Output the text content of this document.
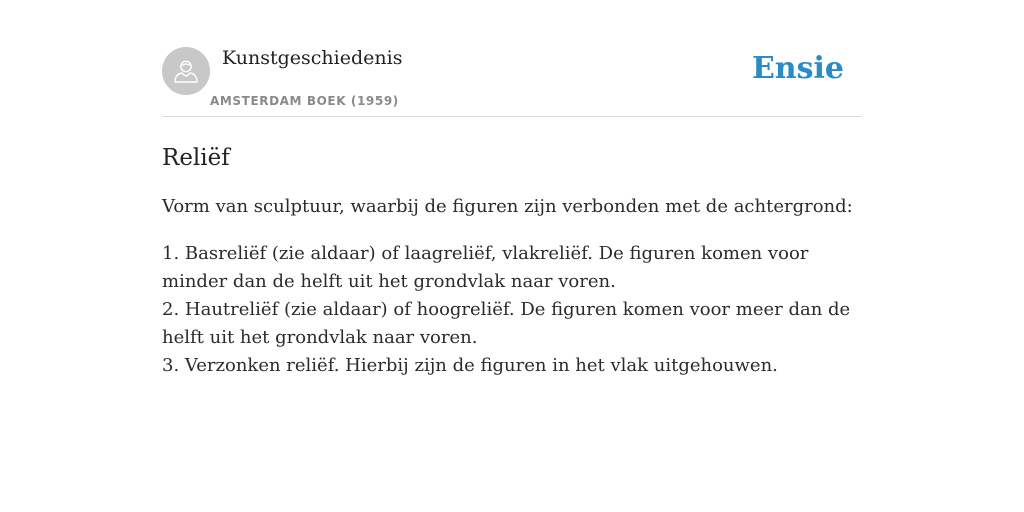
Kunstgeschiedenis
AMSTERDAM BOEK (1959)
Ensie
Reliëf

Vorm van sculptuur, waarbij de figuren zijn verbonden met de achtergrond:

1. Basreliëf (zie aldaar) of laagreliëf, vlakreliëf. De figuren komen voor minder dan de helft uit het grondvlak naar voren.

2. Hautreliëf (zie aldaar) of hoogreliëf. De figuren komen voor meer dan de helft uit het grondvlak naar voren.

3. Verzonken reliëf. Hierbij zijn de figuren in het vlak uitgehouwen.
